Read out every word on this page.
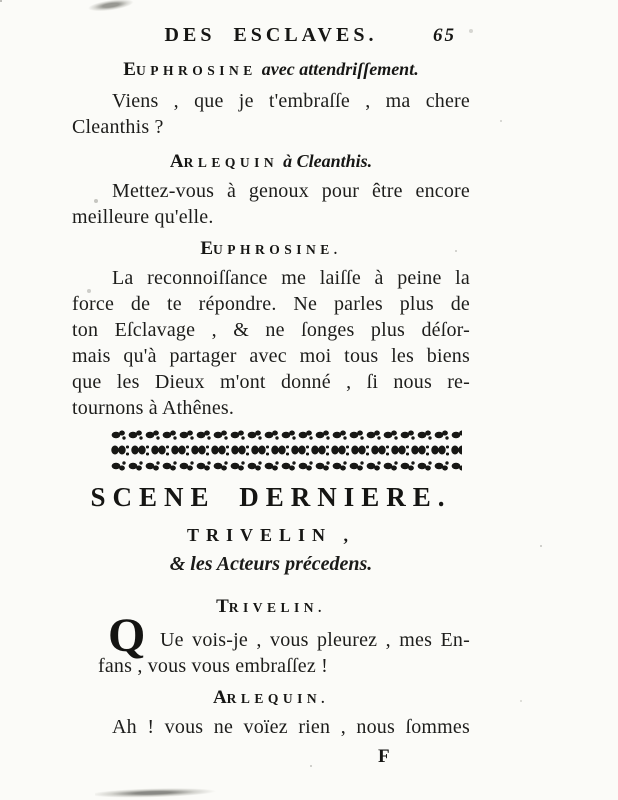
DES ESCLAVES.	65
EUPHROSINE avec attendriſſement.

Viens , que je t'embraſſe , ma chere
Cleanthis ?

ARLEQUIN à Cleanthis.

Mettez-vous à genoux pour être encore
meilleure qu'elle.

EUPHROSINE.

La reconnoiſſance me laiſſe à peine la
force de te répondre. Ne parles plus de
ton Eſclavage , & ne ſonges plus déſor-
mais qu'à partager avec moi tous les biens
que les Dieux m'ont donné , ſi nous re-
tournons à Athênes.

SCENE DERNIERE.
TRIVELIN ,
& les Acteurs précedens.
TRIVELIN.

Q Ue vois-je , vous pleurez , mes En-
fans , vous vous embraſſez !

ARLEQUIN.

Ah ! vous ne voïez rien , nous ſommes

F
